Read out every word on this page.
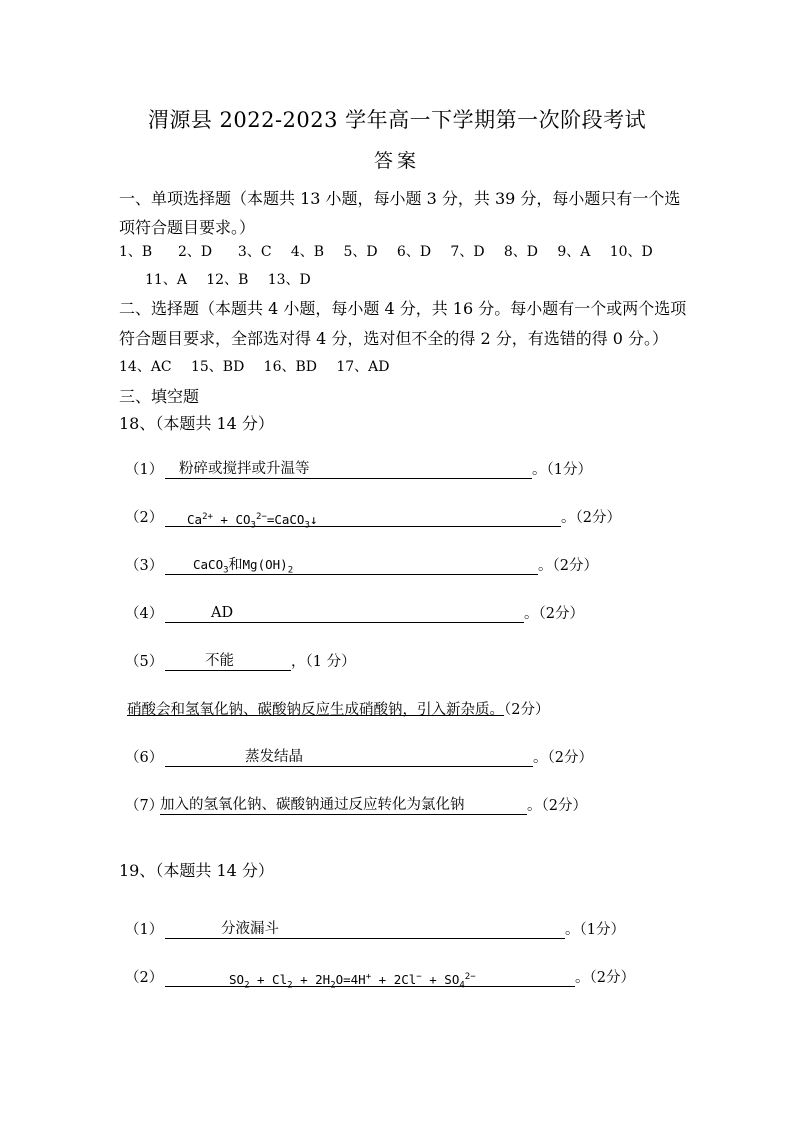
渭源县 2022-2023 学年高一下学期第一次阶段考试
答案
一、单项选择题（本题共 13 小题，每小题 3 分，共 39 分，每小题只有一个选
项符合题目要求。）
1、B    2、D    3、C   4、B   5、D   6、D   7、D   8、D   9、A   10、D
11、A   12、B   13、D
二、选择题（本题共 4 小题，每小题 4 分，共 16 分。每小题有一个或两个选项
符合题目要求，全部选对得 4 分，选对但不全的得 2 分，有选错的得 0 分。）
14、AC   15、BD   16、BD   17、AD
三、填空题
18、（本题共 14 分）
（1） 粉碎或搅拌或升温等	。（1分）
（2） $Ca^{2+}$ + $CO_3^{2-}=CaCO_3↓$	。（2分）
（3） CaCO$_3$和$Mg(OH)_2$	。（2分）
（4）	AD	。（2分）
（5）	不能	，（1 分）
硝酸会和氢氧化钠、碳酸钠反应生成硝酸钠，引入新杂质。（2分）
（6）	蒸发结晶	。（2分）
（7）加入的氢氧化钠、碳酸钠通过反应转化为氯化钠	。（2分）
19、（本题共 14 分）
（1）	分液漏斗	。（1分）
（2）	$SO_2 + Cl_2 + 2H_2O=4H^+ + 2Cl^- + SO_4^{2-}$	。（2分）
